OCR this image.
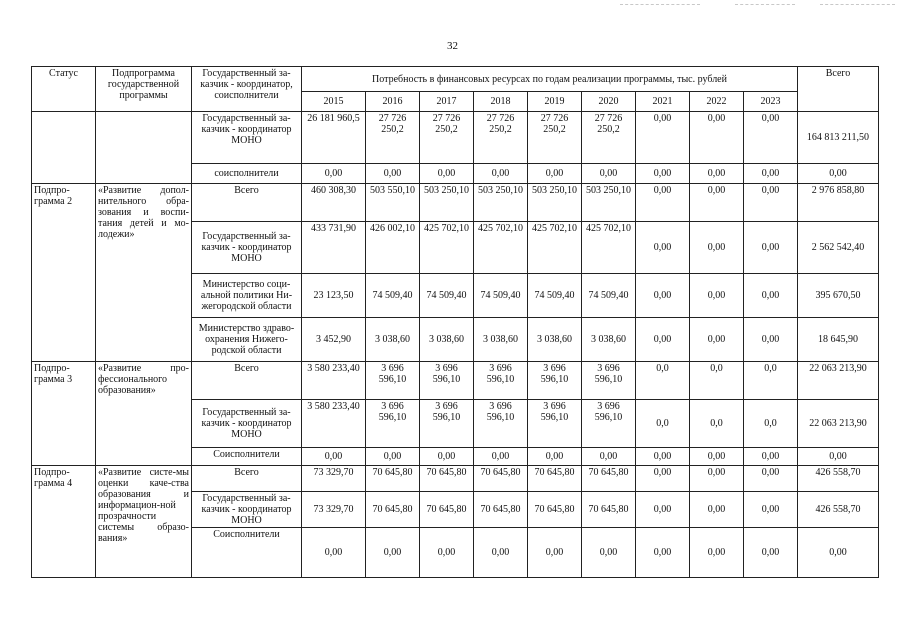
32
Статус	Подпрограмма государственной программы	Государственный за-казчик - координатор, соисполнители	Потребность в финансовых ресурсах по годам реализации программы, тыс. рублей									Всего
			2015	2016	2017	2018	2019	2020	2021	2022	2023	
		Государственный за-казчик - координатор МОНО	26 181 960,5	27 726 250,2	27 726 250,2	27 726 250,2	27 726 250,2	27 726 250,2	0,00	0,00	0,00	164 813 211,50
		соисполнители	0,00	0,00	0,00	0,00	0,00	0,00	0,00	0,00	0,00	0,00
Подпро-грамма 2	«Развитие допол-нительного обра-зования и воспи-тания детей и мо-лодежи»	Всего	460 308,30	503 550,10	503 250,10	503 250,10	503 250,10	503 250,10	0,00	0,00	0,00	2 976 858,80
		Государственный за-казчик - координатор МОНО	433 731,90	426 002,10	425 702,10	425 702,10	425 702,10	425 702,10	0,00	0,00	0,00	2 562 542,40
		Министерство соци-альной политики Ни-жегородской области	23 123,50	74 509,40	74 509,40	74 509,40	74 509,40	74 509,40	0,00	0,00	0,00	395 670,50
		Министерство здраво-охранения Нижего-родской области	3 452,90	3 038,60	3 038,60	3 038,60	3 038,60	3 038,60	0,00	0,00	0,00	18 645,90
Подпро-грамма 3	«Развитие про-фессионального образования»	Всего	3 580 233,40	3 696 596,10	3 696 596,10	3 696 596,10	3 696 596,10	3 696 596,10	0,0	0,0	0,0	22 063 213,90
		Государственный за-казчик - координатор МОНО	3 580 233,40	3 696 596,10	3 696 596,10	3 696 596,10	3 696 596,10	3 696 596,10	0,0	0,0	0,0	22 063 213,90
		Соисполнители	0,00	0,00	0,00	0,00	0,00	0,00	0,00	0,00	0,00	0,00
Подпро-грамма 4	«Развитие систе-мы оценки каче-ства образования и информацион-ной прозрачности системы образо-вания»	Всего	73 329,70	70 645,80	70 645,80	70 645,80	70 645,80	70 645,80	0,00	0,00	0,00	426 558,70
		Государственный за-казчик - координатор МОНО	73 329,70	70 645,80	70 645,80	70 645,80	70 645,80	70 645,80	0,00	0,00	0,00	426 558,70
		Соисполнители	0,00	0,00	0,00	0,00	0,00	0,00	0,00	0,00	0,00	0,00
